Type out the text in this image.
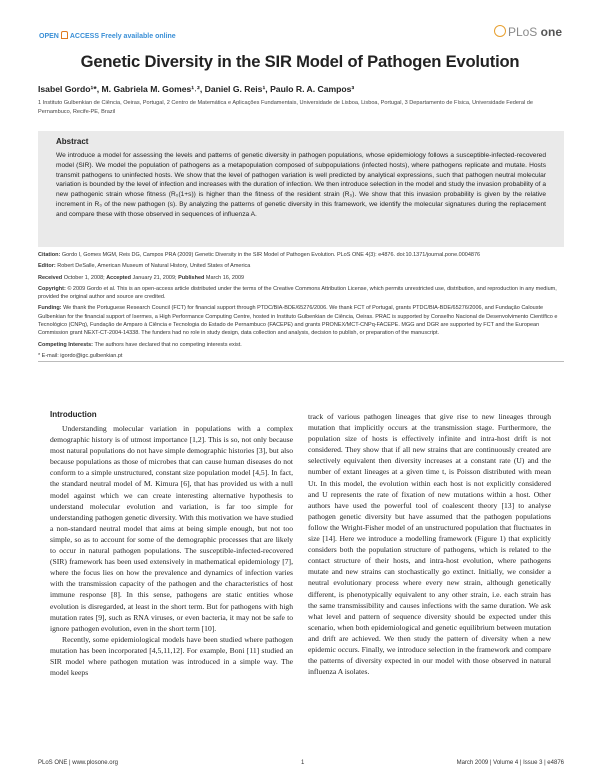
OPEN ACCESS Freely available online	PLoS one
Genetic Diversity in the SIR Model of Pathogen Evolution
Isabel Gordo¹*, M. Gabriela M. Gomes¹˒², Daniel G. Reis¹, Paulo R. A. Campos³
1 Instituto Gulbenkian de Ciência, Oeiras, Portugal, 2 Centro de Matemática e Aplicações Fundamentais, Universidade de Lisboa, Lisboa, Portugal, 3 Departamento de Física, Universidade Federal de Pernambuco, Recife-PE, Brazil
Abstract

We introduce a model for assessing the levels and patterns of genetic diversity in pathogen populations, whose epidemiology follows a susceptible-infected-recovered model (SIR). We model the population of pathogens as a metapopulation composed of subpopulations (infected hosts), where pathogens replicate and mutate. Hosts transmit pathogens to uninfected hosts. We show that the level of pathogen variation is well predicted by analytical expressions, such that pathogen neutral molecular variation is bounded by the level of infection and increases with the duration of infection. We then introduce selection in the model and study the invasion probability of a new pathogenic strain whose fitness (R₀(1+s)) is higher than the fitness of the resident strain (R₀). We show that this invasion probability is given by the relative increment in R₀ of the new pathogen (s). By analyzing the patterns of genetic diversity in this framework, we identify the molecular signatures during the replacement and compare these with those observed in sequences of influenza A.

Citation: Gordo I, Gomes MGM, Reis DG, Campos PRA (2009) Genetic Diversity in the SIR Model of Pathogen Evolution. PLoS ONE 4(3): e4876. doi:10.1371/journal.pone.0004876

Editor: Robert DeSalle, American Museum of Natural History, United States of America

Received October 1, 2008; Accepted January 21, 2009; Published March 16, 2009

Copyright: © 2009 Gordo et al. This is an open-access article distributed under the terms of the Creative Commons Attribution License, which permits unrestricted use, distribution, and reproduction in any medium, provided the original author and source are credited.

Funding: We thank the Portuguese Research Council (FCT) for financial support through PTDC/BIA-BDE/65276/2006. We thank FCT of Portugal, grants PTDC/BIA-BDE/65276/2006, and Fundação Calouste Gulbenkian for the financial support of Isermes, a High Performance Computing Centre, hosted in Instituto Gulbenkian de Ciência, Oeiras. PRAC is supported by Conselho Nacional de Desenvolvimento Científico e Tecnológico (CNPq), Fundação de Amparo à Ciência e Tecnologia do Estado de Pernambuco (FACEPE) and grants PRONEX/MCT-CNPq-FACEPE. MGG and DGR are supported by FCT and the European Commission grant NEXT-CT-2004-14338. The funders had no role in study design, data collection and analysis, decision to publish, or preparation of the manuscript.

Competing Interests: The authors have declared that no competing interests exist.

* E-mail: igordo@igc.gulbenkian.pt

Introduction

Understanding molecular variation in populations with a complex demographic history is of utmost importance [1,2]. This is so, not only because most natural populations do not have simple demographic histories [3], but also because populations as those of microbes that can cause human diseases do not conform to a simple unstructured, constant size population model [4,5]. In fact, the standard neutral model of M. Kimura [6], that has provided us with a null model against which we can create interesting alternative hypothesis to understand molecular evolution and variation, is far too simple for understanding pathogen genetic diversity. With this motivation we have studied a non-standard neutral model that aims at being simple enough, but not too simple, so as to account for some of the demographic processes that are likely to occur in natural pathogen populations. The susceptible-infected-recovered (SIR) framework has been used extensively in mathematical epidemiology [7], where the focus lies on how the prevalence and dynamics of infection varies with the transmission capacity of the pathogen and the characteristics of host immune response [8]. In this sense, pathogens are static entities whose evolution is disregarded, at least in the short term. But for pathogens with high mutation rates [9], such as RNA viruses, or even bacteria, it may not be safe to ignore pathogen evolution, even in the short term [10].

Recently, some epidemiological models have been studied where pathogen mutation has been incorporated [4,5,11,12]. For example, Boni [11] studied an SIR model where pathogen mutation was introduced in a simple way. The model keeps

track of various pathogen lineages that give rise to new lineages through mutation that implicitly occurs at the transmission stage. Furthermore, the population size of hosts is effectively infinite and intra-host drift is not considered. They show that if all new strains that are continuously created are selectively equivalent then diversity increases at a constant rate (U) and the number of extant lineages at a given time t, is Poisson distributed with mean Ut. In this model, the evolution within each host is not explicitly considered and U represents the rate of fixation of new mutations within a host. Other authors have used the powerful tool of coalescent theory [13] to analyse pathogen genetic diversity but have assumed that the pathogen populations follow the Wright-Fisher model of an unstructured population that fluctuates in size [14]. Here we introduce a modelling framework (Figure 1) that explicitly considers both the population structure of pathogens, which is related to the contact structure of their hosts, and intra-host evolution, where pathogens mutate and new strains can stochastically go extinct. Initially, we consider a neutral evolutionary process where every new strain, although genetically different, is phenotypically equivalent to any other strain, i.e. each strain has the same transmissibility and causes infections with the same duration. We ask what level and pattern of sequence diversity should be expected under this scenario, when both epidemiological and genetic equilibrium between mutation and drift are achieved. We then study the pattern of diversity when a new epidemic occurs. Finally, we introduce selection in the framework and compare the patterns of diversity expected in our model with those observed in natural influenza A isolates.

PLoS ONE | www.plosone.org	1	March 2009 | Volume 4 | Issue 3 | e4876
